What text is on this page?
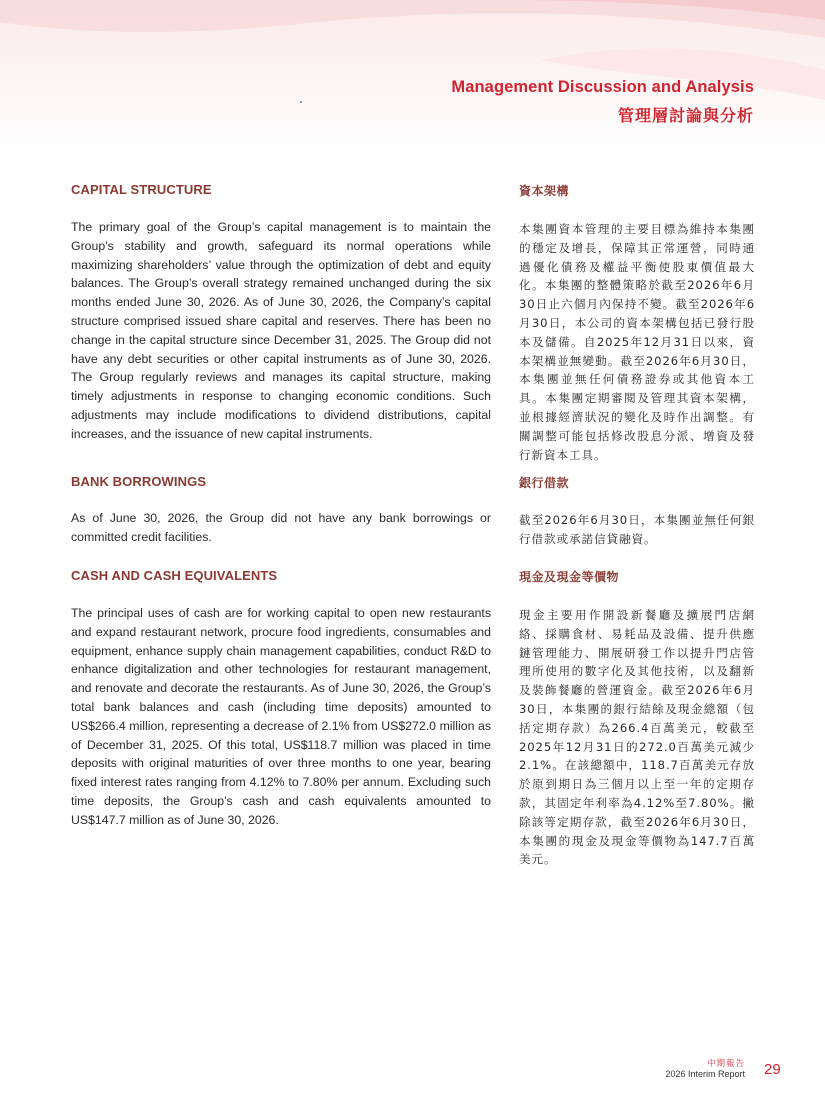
Management Discussion and Analysis
管理層討論與分析
CAPITAL STRUCTURE

The primary goal of the Group’s capital management is to maintain the Group’s stability and growth, safeguard its normal operations while maximizing shareholders’ value through the optimization of debt and equity balances. The Group’s overall strategy remained unchanged during the six months ended June 30, 2026. As of June 30, 2026, the Company’s capital structure comprised issued share capital and reserves. There has been no change in the capital structure since December 31, 2025. The Group did not have any debt securities or other capital instruments as of June 30, 2026. The Group regularly reviews and manages its capital structure, making timely adjustments in response to changing economic conditions. Such adjustments may include modifications to dividend distributions, capital increases, and the issuance of new capital instruments.

資本架構

本集團資本管理的主要目標為維持本集團的穩定及增長，保障其正常運營，同時通過優化債務及權益平衡使股東價值最大化。本集團的整體策略於截至2026年6月30日止六個月內保持不變。截至2026年6月30日，本公司的資本架構包括已發行股本及儲備。自2025年12月31日以來，資本架構並無變動。截至2026年6月30日，本集團並無任何債務證券或其他資本工具。本集團定期審閱及管理其資本架構，並根據經濟狀況的變化及時作出調整。有關調整可能包括修改股息分派、增資及發行新資本工具。

BANK BORROWINGS

As of June 30, 2026, the Group did not have any bank borrowings or committed credit facilities.

銀行借款

截至2026年6月30日，本集團並無任何銀行借款或承諾信貸融資。

CASH AND CASH EQUIVALENTS

The principal uses of cash are for working capital to open new restaurants and expand restaurant network, procure food ingredients, consumables and equipment, enhance supply chain management capabilities, conduct R&D to enhance digitalization and other technologies for restaurant management, and renovate and decorate the restaurants. As of June 30, 2026, the Group’s total bank balances and cash (including time deposits) amounted to US$266.4 million, representing a decrease of 2.1% from US$272.0 million as of December 31, 2025. Of this total, US$118.7 million was placed in time deposits with original maturities of over three months to one year, bearing fixed interest rates ranging from 4.12% to 7.80% per annum. Excluding such time deposits, the Group’s cash and cash equivalents amounted to US$147.7 million as of June 30, 2026.

現金及現金等價物

現金主要用作開設新餐廳及擴展門店網絡、採購食材、易耗品及設備、提升供應鏈管理能力、開展研發工作以提升門店管理所使用的數字化及其他技術，以及翻新及裝飾餐廳的營運資金。截至2026年6月30日，本集團的銀行結餘及現金總額（包括定期存款）為266.4百萬美元，較截至2025年12月31日的272.0百萬美元減少2.1%。在該總額中，118.7百萬美元存放於原到期日為三個月以上至一年的定期存款，其固定年利率為4.12%至7.80%。撇除該等定期存款，截至2026年6月30日，本集團的現金及現金等價物為147.7百萬美元。

中期報告

2026 Interim Report 29
